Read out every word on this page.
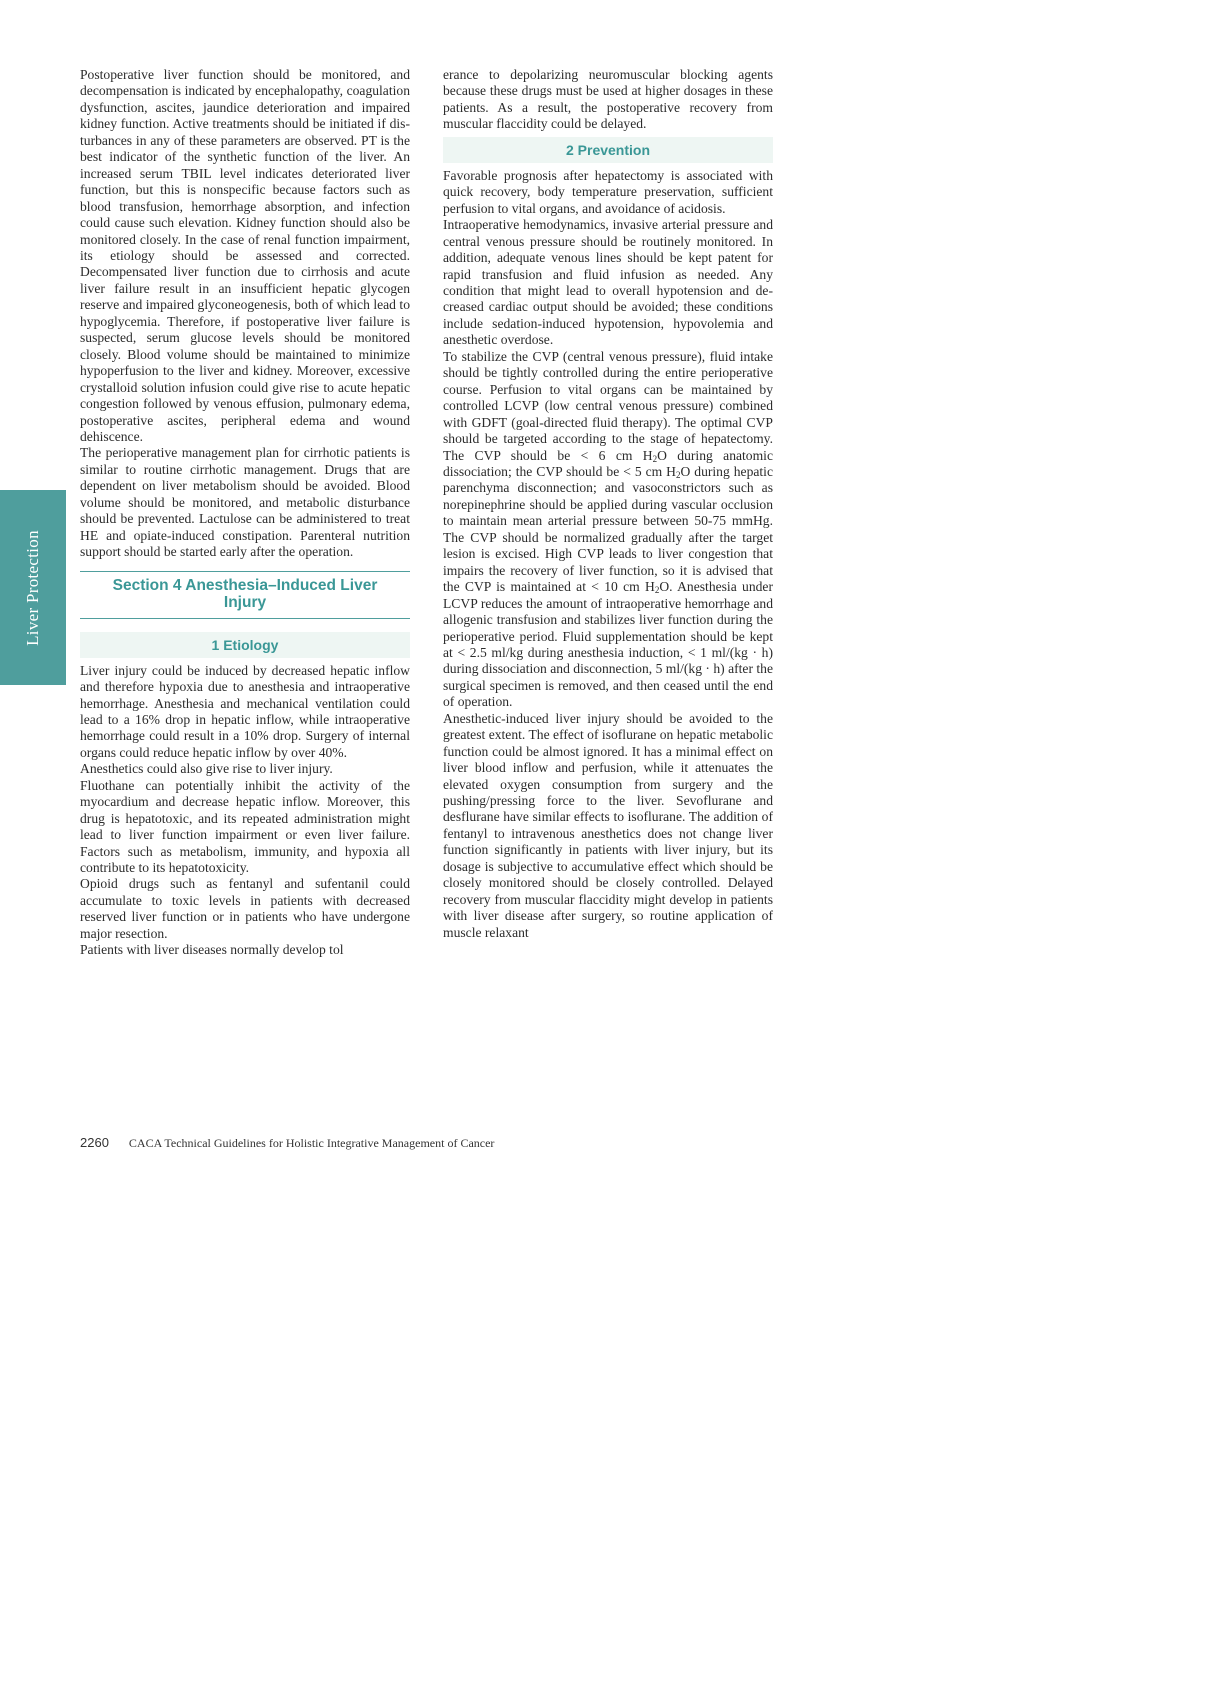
Liver Protection

Postoperative liver function should be monitored, and decompensation is indicated by encephalopathy, coagulation dysfunction, ascites, jaundice deterioration and impaired kidney function. Active treatments should be initiated if disturbances in any of these parameters are observed. PT is the best indicator of the synthetic function of the liver. An increased serum TBIL level indicates deteriorated liver function, but this is nonspecific because factors such as blood transfusion, hemorrhage absorption, and infection could cause such elevation. Kidney function should also be monitored closely. In the case of renal function impairment, its etiology should be assessed and corrected. Decompensated liver function due to cirrhosis and acute liver failure result in an insufficient hepatic glycogen reserve and impaired glyconeogenesis, both of which lead to hypoglycemia. Therefore, if postoperative liver failure is suspected, serum glucose levels should be monitored closely. Blood volume should be maintained to minimize hypoperfusion to the liver and kidney. Moreover, excessive crystalloid solution infusion could give rise to acute hepatic congestion followed by venous effusion, pulmonary edema, postoperative ascites, peripheral edema and wound dehiscence.

The perioperative management plan for cirrhotic patients is similar to routine cirrhotic management. Drugs that are dependent on liver metabolism should be avoided. Blood volume should be monitored, and metabolic disturbance should be prevented. Lactulose can be administered to treat HE and opiate-induced constipation. Parenteral nutrition support should be started early after the operation.

Section 4 Anesthesia–Induced Liver Injury
1 Etiology

Liver injury could be induced by decreased hepatic inflow and therefore hypoxia due to anesthesia and intraoperative hemorrhage. Anesthesia and mechanical ventilation could lead to a 16% drop in hepatic inflow, while intraoperative hemorrhage could result in a 10% drop. Surgery of internal organs could reduce hepatic inflow by over 40%.

Anesthetics could also give rise to liver injury.

Fluothane can potentially inhibit the activity of the myocardium and decrease hepatic inflow. Moreover, this drug is hepatotoxic, and its repeated administration might lead to liver function impairment or even liver failure. Factors such as metabolism, immunity, and hypoxia all contribute to its hepatotoxicity.

Opioid drugs such as fentanyl and sufentanil could accumulate to toxic levels in patients with decreased reserved liver function or in patients who have undergone major resection.

Patients with liver diseases normally develop tol

erance to depolarizing neuromuscular blocking agents because these drugs must be used at higher dosages in these patients. As a result, the postoperative recovery from muscular flaccidity could be delayed.

2 Prevention

Favorable prognosis after hepatectomy is associated with quick recovery, body temperature preservation, sufficient perfusion to vital organs, and avoidance of acidosis.

Intraoperative hemodynamics, invasive arterial pressure and central venous pressure should be routinely monitored. In addition, adequate venous lines should be kept patent for rapid transfusion and fluid infusion as needed. Any condition that might lead to overall hypotension and decreased cardiac output should be avoided; these conditions include sedation-induced hypotension, hypovolemia and anesthetic overdose.

To stabilize the CVP (central venous pressure), fluid intake should be tightly controlled during the entire perioperative course. Perfusion to vital organs can be maintained by controlled LCVP (low central venous pressure) combined with GDFT (goal-directed fluid therapy). The optimal CVP should be targeted according to the stage of hepatectomy. The CVP should be < 6 cm $H_2O$ during anatomic dissociation; the CVP should be < 5 cm $H_2O$ during hepatic parenchyma disconnection; and vasoconstrictors such as norepinephrine should be applied during vascular occlusion to maintain mean arterial pressure between 50-75 mmHg. The CVP should be normalized gradually after the target lesion is excised. High CVP leads to liver congestion that impairs the recovery of liver function, so it is advised that the CVP is maintained at < 10 cm $H_2O$. Anesthesia under LCVP reduces the amount of intraoperative hemorrhage and allogenic transfusion and stabilizes liver function during the perioperative period. Fluid supplementation should be kept at < 2.5 ml/kg during anesthesia induction, < 1 ml/(kg · h) during dissociation and disconnection, 5 ml/(kg · h) after the surgical specimen is removed, and then ceased until the end of operation.

Anesthetic-induced liver injury should be avoided to the greatest extent. The effect of isoflurane on hepatic metabolic function could be almost ignored. It has a minimal effect on liver blood inflow and perfusion, while it attenuates the elevated oxygen consumption from surgery and the pushing/pressing force to the liver. Sevoflurane and desflurane have similar effects to isoflurane. The addition of fentanyl to intravenous anesthetics does not change liver function significantly in patients with liver injury, but its dosage is subjective to accumulative effect which should be closely monitored should be closely controlled. Delayed recovery from muscular flaccidity might develop in patients with liver disease after surgery, so routine application of muscle relaxant

2260 CACA Technical Guidelines for Holistic Integrative Management of Cancer
